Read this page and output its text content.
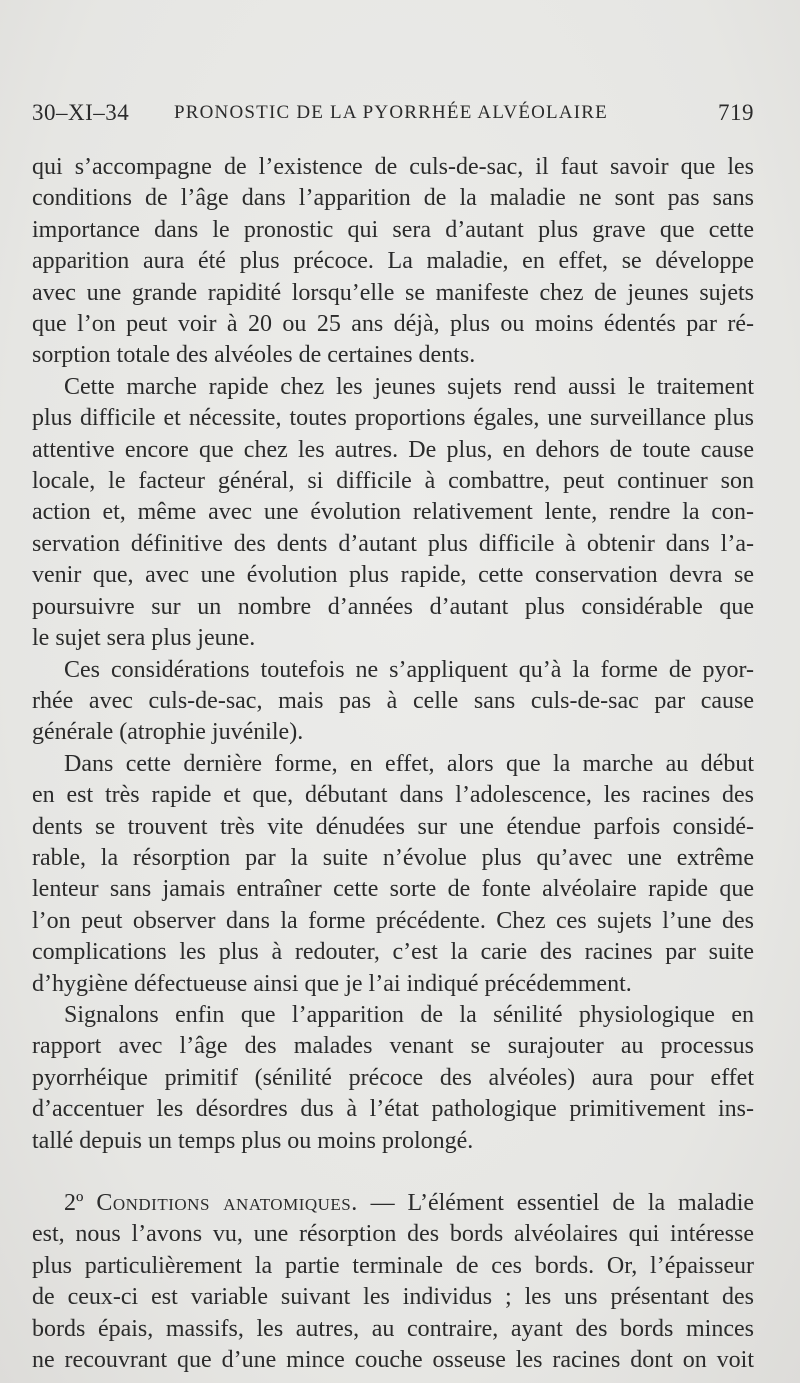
30–XI–34 PRONOSTIC DE LA PYORRHÉE ALVÉOLAIRE	719
qui s’accompagne de l’existence de culs-de-sac, il faut savoir que les
conditions de l’âge dans l’apparition de la maladie ne sont pas sans
importance dans le pronostic qui sera d’autant plus grave que cette
apparition aura été plus précoce. La maladie, en effet, se développe
avec une grande rapidité lorsqu’elle se manifeste chez de jeunes sujets
que l’on peut voir à 20 ou 25 ans déjà, plus ou moins édentés par ré-
sorption totale des alvéoles de certaines dents.
Cette marche rapide chez les jeunes sujets rend aussi le traitement
plus difficile et nécessite, toutes proportions égales, une surveillance plus
attentive encore que chez les autres. De plus, en dehors de toute cause
locale, le facteur général, si difficile à combattre, peut continuer son
action et, même avec une évolution relativement lente, rendre la con-
servation définitive des dents d’autant plus difficile à obtenir dans l’a-
venir que, avec une évolution plus rapide, cette conservation devra se
poursuivre sur un nombre d’années d’autant plus considérable que
le sujet sera plus jeune.
Ces considérations toutefois ne s’appliquent qu’à la forme de pyor-
rhée avec culs-de-sac, mais pas à celle sans culs-de-sac par cause
générale (atrophie juvénile).
Dans cette dernière forme, en effet, alors que la marche au début
en est très rapide et que, débutant dans l’adolescence, les racines des
dents se trouvent très vite dénudées sur une étendue parfois considé-
rable, la résorption par la suite n’évolue plus qu’avec une extrême
lenteur sans jamais entraîner cette sorte de fonte alvéolaire rapide que
l’on peut observer dans la forme précédente. Chez ces sujets l’une des
complications les plus à redouter, c’est la carie des racines par suite
d’hygiène défectueuse ainsi que je l’ai indiqué précédemment.
Signalons enfin que l’apparition de la sénilité physiologique en
rapport avec l’âge des malades venant se surajouter au processus
pyorrhéique primitif (sénilité précoce des alvéoles) aura pour effet
d’accentuer les désordres dus à l’état pathologique primitivement ins-
tallé depuis un temps plus ou moins prolongé.
2º Conditions anatomiques. — L’élément essentiel de la maladie
est, nous l’avons vu, une résorption des bords alvéolaires qui intéresse
plus particulièrement la partie terminale de ces bords. Or, l’épaisseur
de ceux-ci est variable suivant les individus ; les uns présentant des
bords épais, massifs, les autres, au contraire, ayant des bords minces
ne recouvrant que d’une mince couche osseuse les racines dont on voit
